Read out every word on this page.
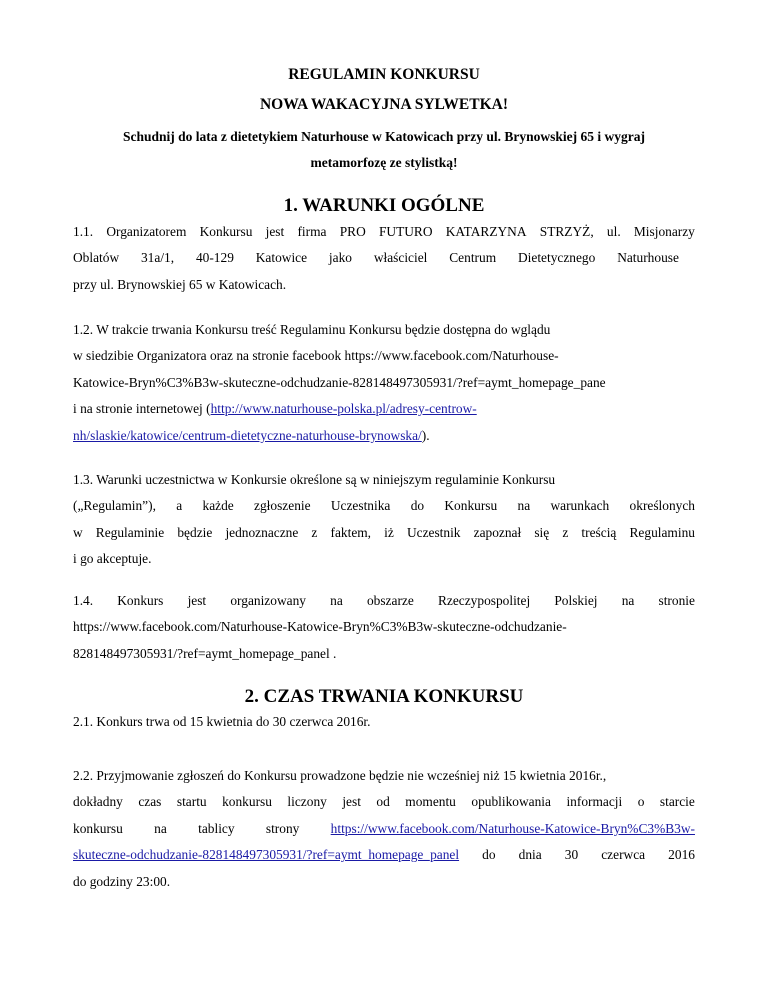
REGULAMIN KONKURSU
NOWA WAKACYJNA SYLWETKA!
Schudnij do lata z dietetykiem Naturhouse w Katowicach przy ul. Brynowskiej 65 i wygraj
metamorfozę ze stylistką!
1. WARUNKI OGÓLNE
1.1. Organizatorem Konkursu jest firma PRO FUTURO KATARZYNA STRZYŻ, ul. Misjonarzy
Oblatów 31a/1, 40-129 Katowice jako właściciel Centrum Dietetycznego Naturhouse
przy ul. Brynowskiej 65 w Katowicach.
1.2. W trakcie trwania Konkursu treść Regulaminu Konkursu będzie dostępna do wglądu
w siedzibie Organizatora oraz na stronie facebook https://www.facebook.com/Naturhouse-
Katowice-Bryn%C3%B3w-skuteczne-odchudzanie-828148497305931/?ref=aymt_homepage_pane
i na stronie internetowej (http://www.naturhouse-polska.pl/adresy-centrow-
nh/slaskie/katowice/centrum-dietetyczne-naturhouse-brynowska/).
1.3. Warunki uczestnictwa w Konkursie określone są w niniejszym regulaminie Konkursu
(„Regulamin”), a każde zgłoszenie Uczestnika do Konkursu na warunkach określonych
w Regulaminie będzie jednoznaczne z faktem, iż Uczestnik zapoznał się z treścią Regulaminu
i go akceptuje.
1.4. Konkurs jest organizowany na obszarze Rzeczypospolitej Polskiej na stronie
https://www.facebook.com/Naturhouse-Katowice-Bryn%C3%B3w-skuteczne-odchudzanie-
828148497305931/?ref=aymt_homepage_panel .
2. CZAS TRWANIA KONKURSU
2.1. Konkurs trwa od 15 kwietnia do 30 czerwca 2016r.
2.2. Przyjmowanie zgłoszeń do Konkursu prowadzone będzie nie wcześniej niż 15 kwietnia 2016r.,
dokładny czas startu konkursu liczony jest od momentu opublikowania informacji o starcie
konkursu na tablicy strony https://www.facebook.com/Naturhouse-Katowice-Bryn%C3%B3w-
skuteczne-odchudzanie-828148497305931/?ref=aymt_homepage_panel do dnia 30 czerwca 2016
do godziny 23:00.
